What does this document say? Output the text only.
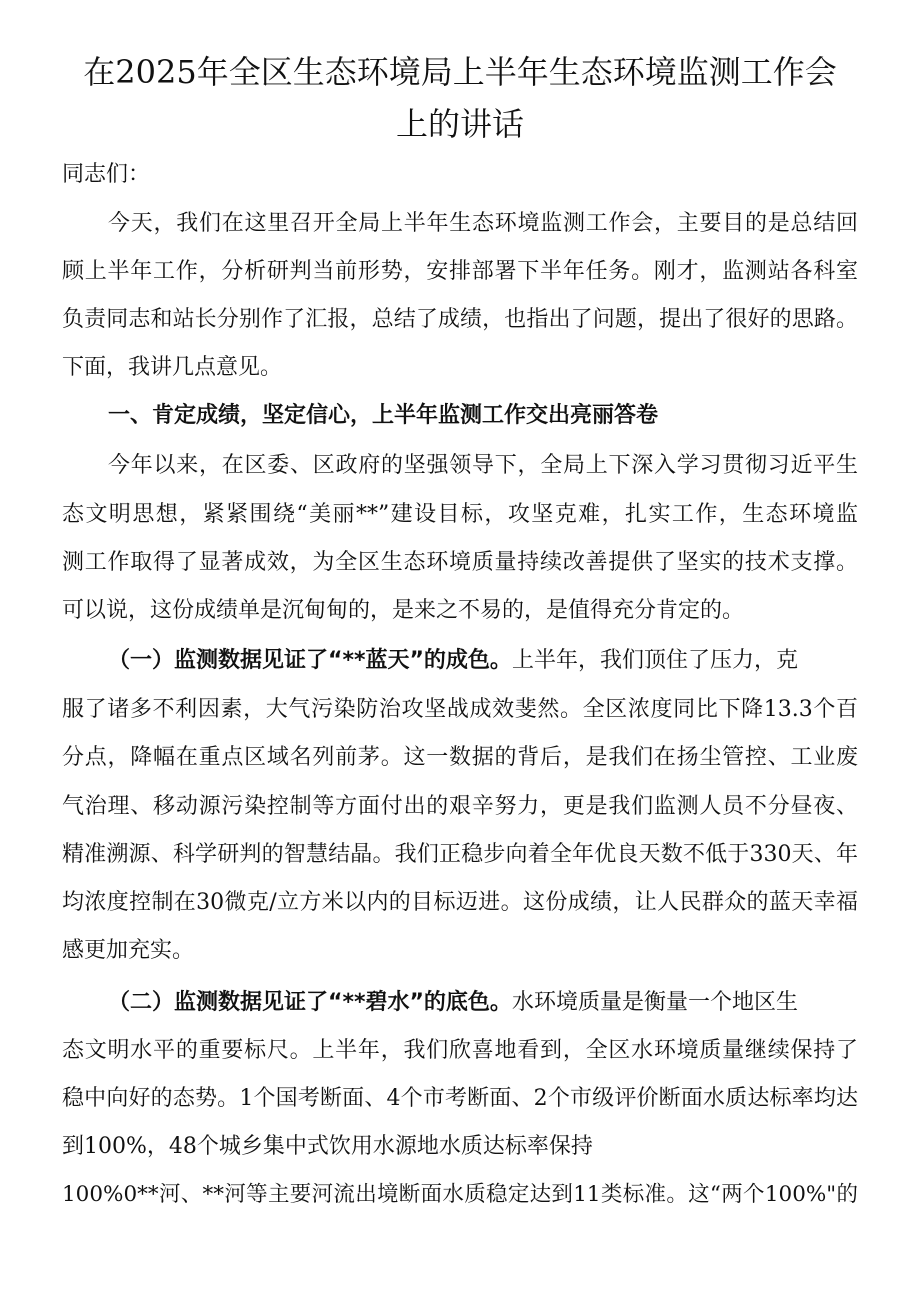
在2025年全区生态环境局上半年生态环境监测工作会
上的讲话
同志们：
今天，我们在这里召开全局上半年生态环境监测工作会，主要目的是总结回
顾上半年工作，分析研判当前形势，安排部署下半年任务。刚才，监测站各科室
负责同志和站长分别作了汇报，总结了成绩，也指出了问题，提出了很好的思路。
下面，我讲几点意见。
一、肯定成绩，坚定信心，上半年监测工作交出亮丽答卷
今年以来，在区委、区政府的坚强领导下，全局上下深入学习贯彻习近平生
态文明思想，紧紧围绕“美丽**”建设目标，攻坚克难，扎实工作，生态环境监
测工作取得了显著成效，为全区生态环境质量持续改善提供了坚实的技术支撑。
可以说，这份成绩单是沉甸甸的，是来之不易的，是值得充分肯定的。
（一）监测数据见证了“**蓝天”的成色。上半年，我们顶住了压力，克
服了诸多不利因素，大气污染防治攻坚战成效斐然。全区浓度同比下降13.3个百
分点，降幅在重点区域名列前茅。这一数据的背后，是我们在扬尘管控、工业废
气治理、移动源污染控制等方面付出的艰辛努力，更是我们监测人员不分昼夜、
精准溯源、科学研判的智慧结晶。我们正稳步向着全年优良天数不低于330天、年
均浓度控制在30微克/立方米以内的目标迈进。这份成绩，让人民群众的蓝天幸福
感更加充实。
（二）监测数据见证了“**碧水”的底色。水环境质量是衡量一个地区生
态文明水平的重要标尺。上半年，我们欣喜地看到，全区水环境质量继续保持了
稳中向好的态势。1个国考断面、4个市考断面、2个市级评价断面水质达标率均达
到100%，48个城乡集中式饮用水源地水质达标率保持
100%0**河、**河等主要河流出境断面水质稳定达到11类标准。这“两个100%"的
